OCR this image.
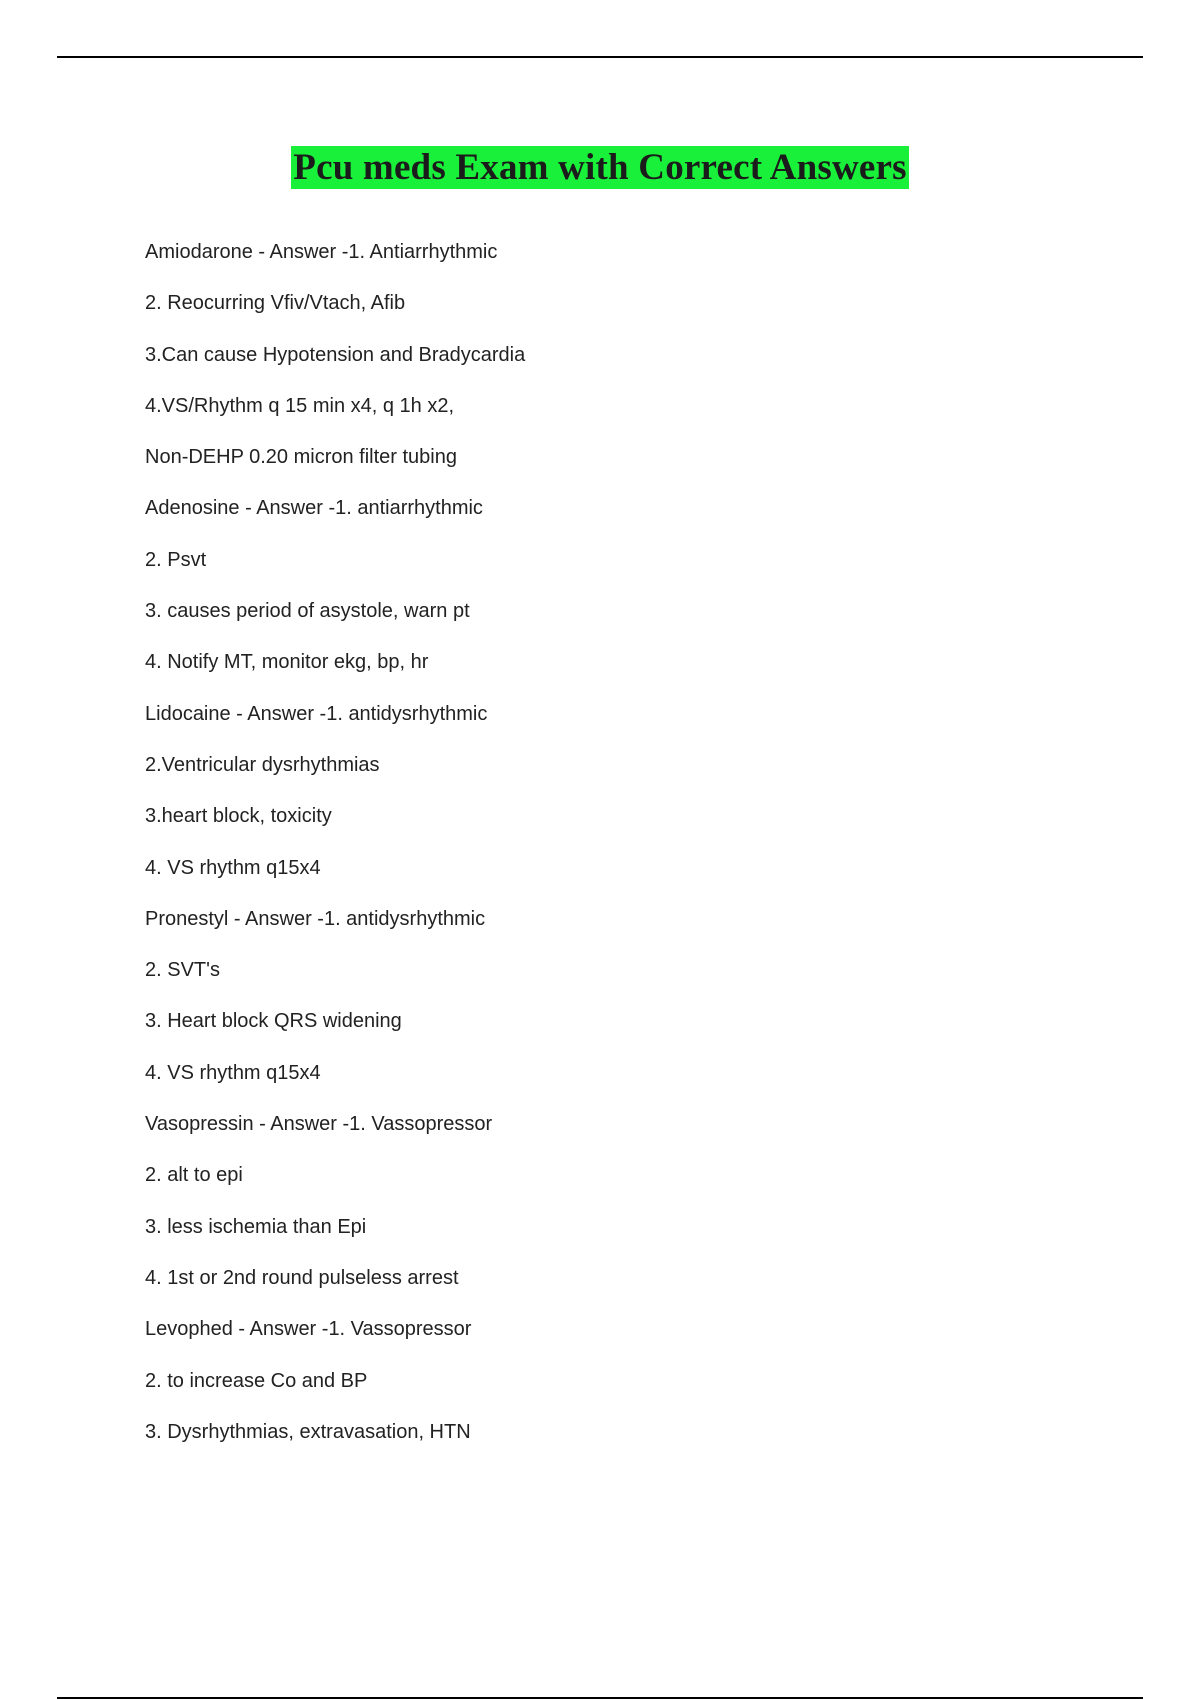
Pcu meds Exam with Correct Answers
Amiodarone - Answer -1. Antiarrhythmic
2. Reocurring Vfiv/Vtach, Afib
3.Can cause Hypotension and Bradycardia
4.VS/Rhythm q 15 min x4, q 1h x2,
Non-DEHP 0.20 micron filter tubing
Adenosine - Answer -1. antiarrhythmic
2. Psvt
3. causes period of asystole, warn pt
4. Notify MT, monitor ekg, bp, hr
Lidocaine - Answer -1. antidysrhythmic
2.Ventricular dysrhythmias
3.heart block, toxicity
4. VS rhythm q15x4
Pronestyl - Answer -1. antidysrhythmic
2. SVT's
3. Heart block QRS widening
4. VS rhythm q15x4
Vasopressin - Answer -1. Vassopressor
2. alt to epi
3. less ischemia than Epi
4. 1st or 2nd round pulseless arrest
Levophed - Answer -1. Vassopressor
2. to increase Co and BP
3. Dysrhythmias, extravasation, HTN
